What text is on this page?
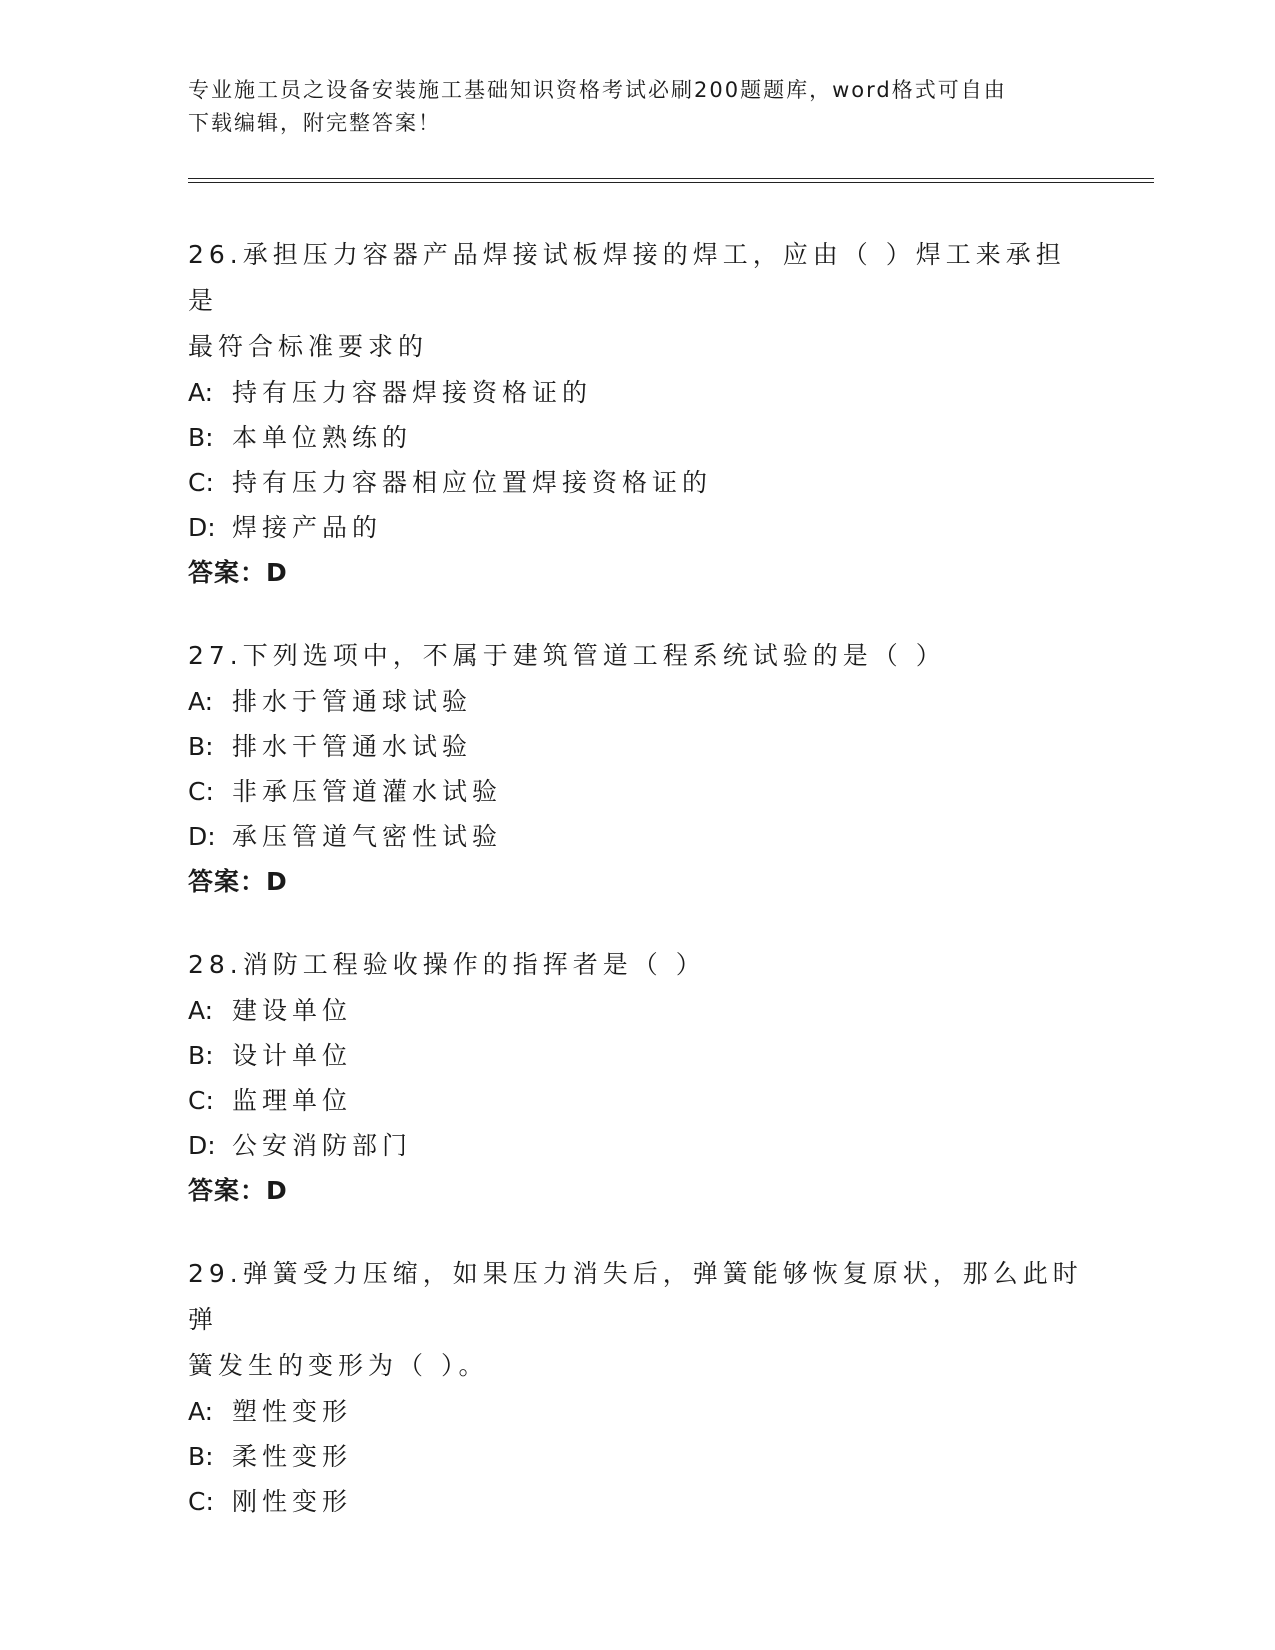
专业施工员之设备安装施工基础知识资格考试必刷200题题库，word格式可自由
下载编辑，附完整答案！
26.承担压力容器产品焊接试板焊接的焊工，应由（ ）焊工来承担是
最符合标准要求的
A: 持有压力容器焊接资格证的
B: 本单位熟练的
C: 持有压力容器相应位置焊接资格证的
D: 焊接产品的
答案：D
27.下列选项中，不属于建筑管道工程系统试验的是（ ）
A: 排水于管通球试验
B: 排水干管通水试验
C: 非承压管道灌水试验
D: 承压管道气密性试验
答案：D
28.消防工程验收操作的指挥者是（ ）
A: 建设单位
B: 设计单位
C: 监理单位
D: 公安消防部门
答案：D
29.弹簧受力压缩，如果压力消失后，弹簧能够恢复原状，那么此时弹
簧发生的变形为（ ）。
A: 塑性变形
B: 柔性变形
C: 刚性变形
